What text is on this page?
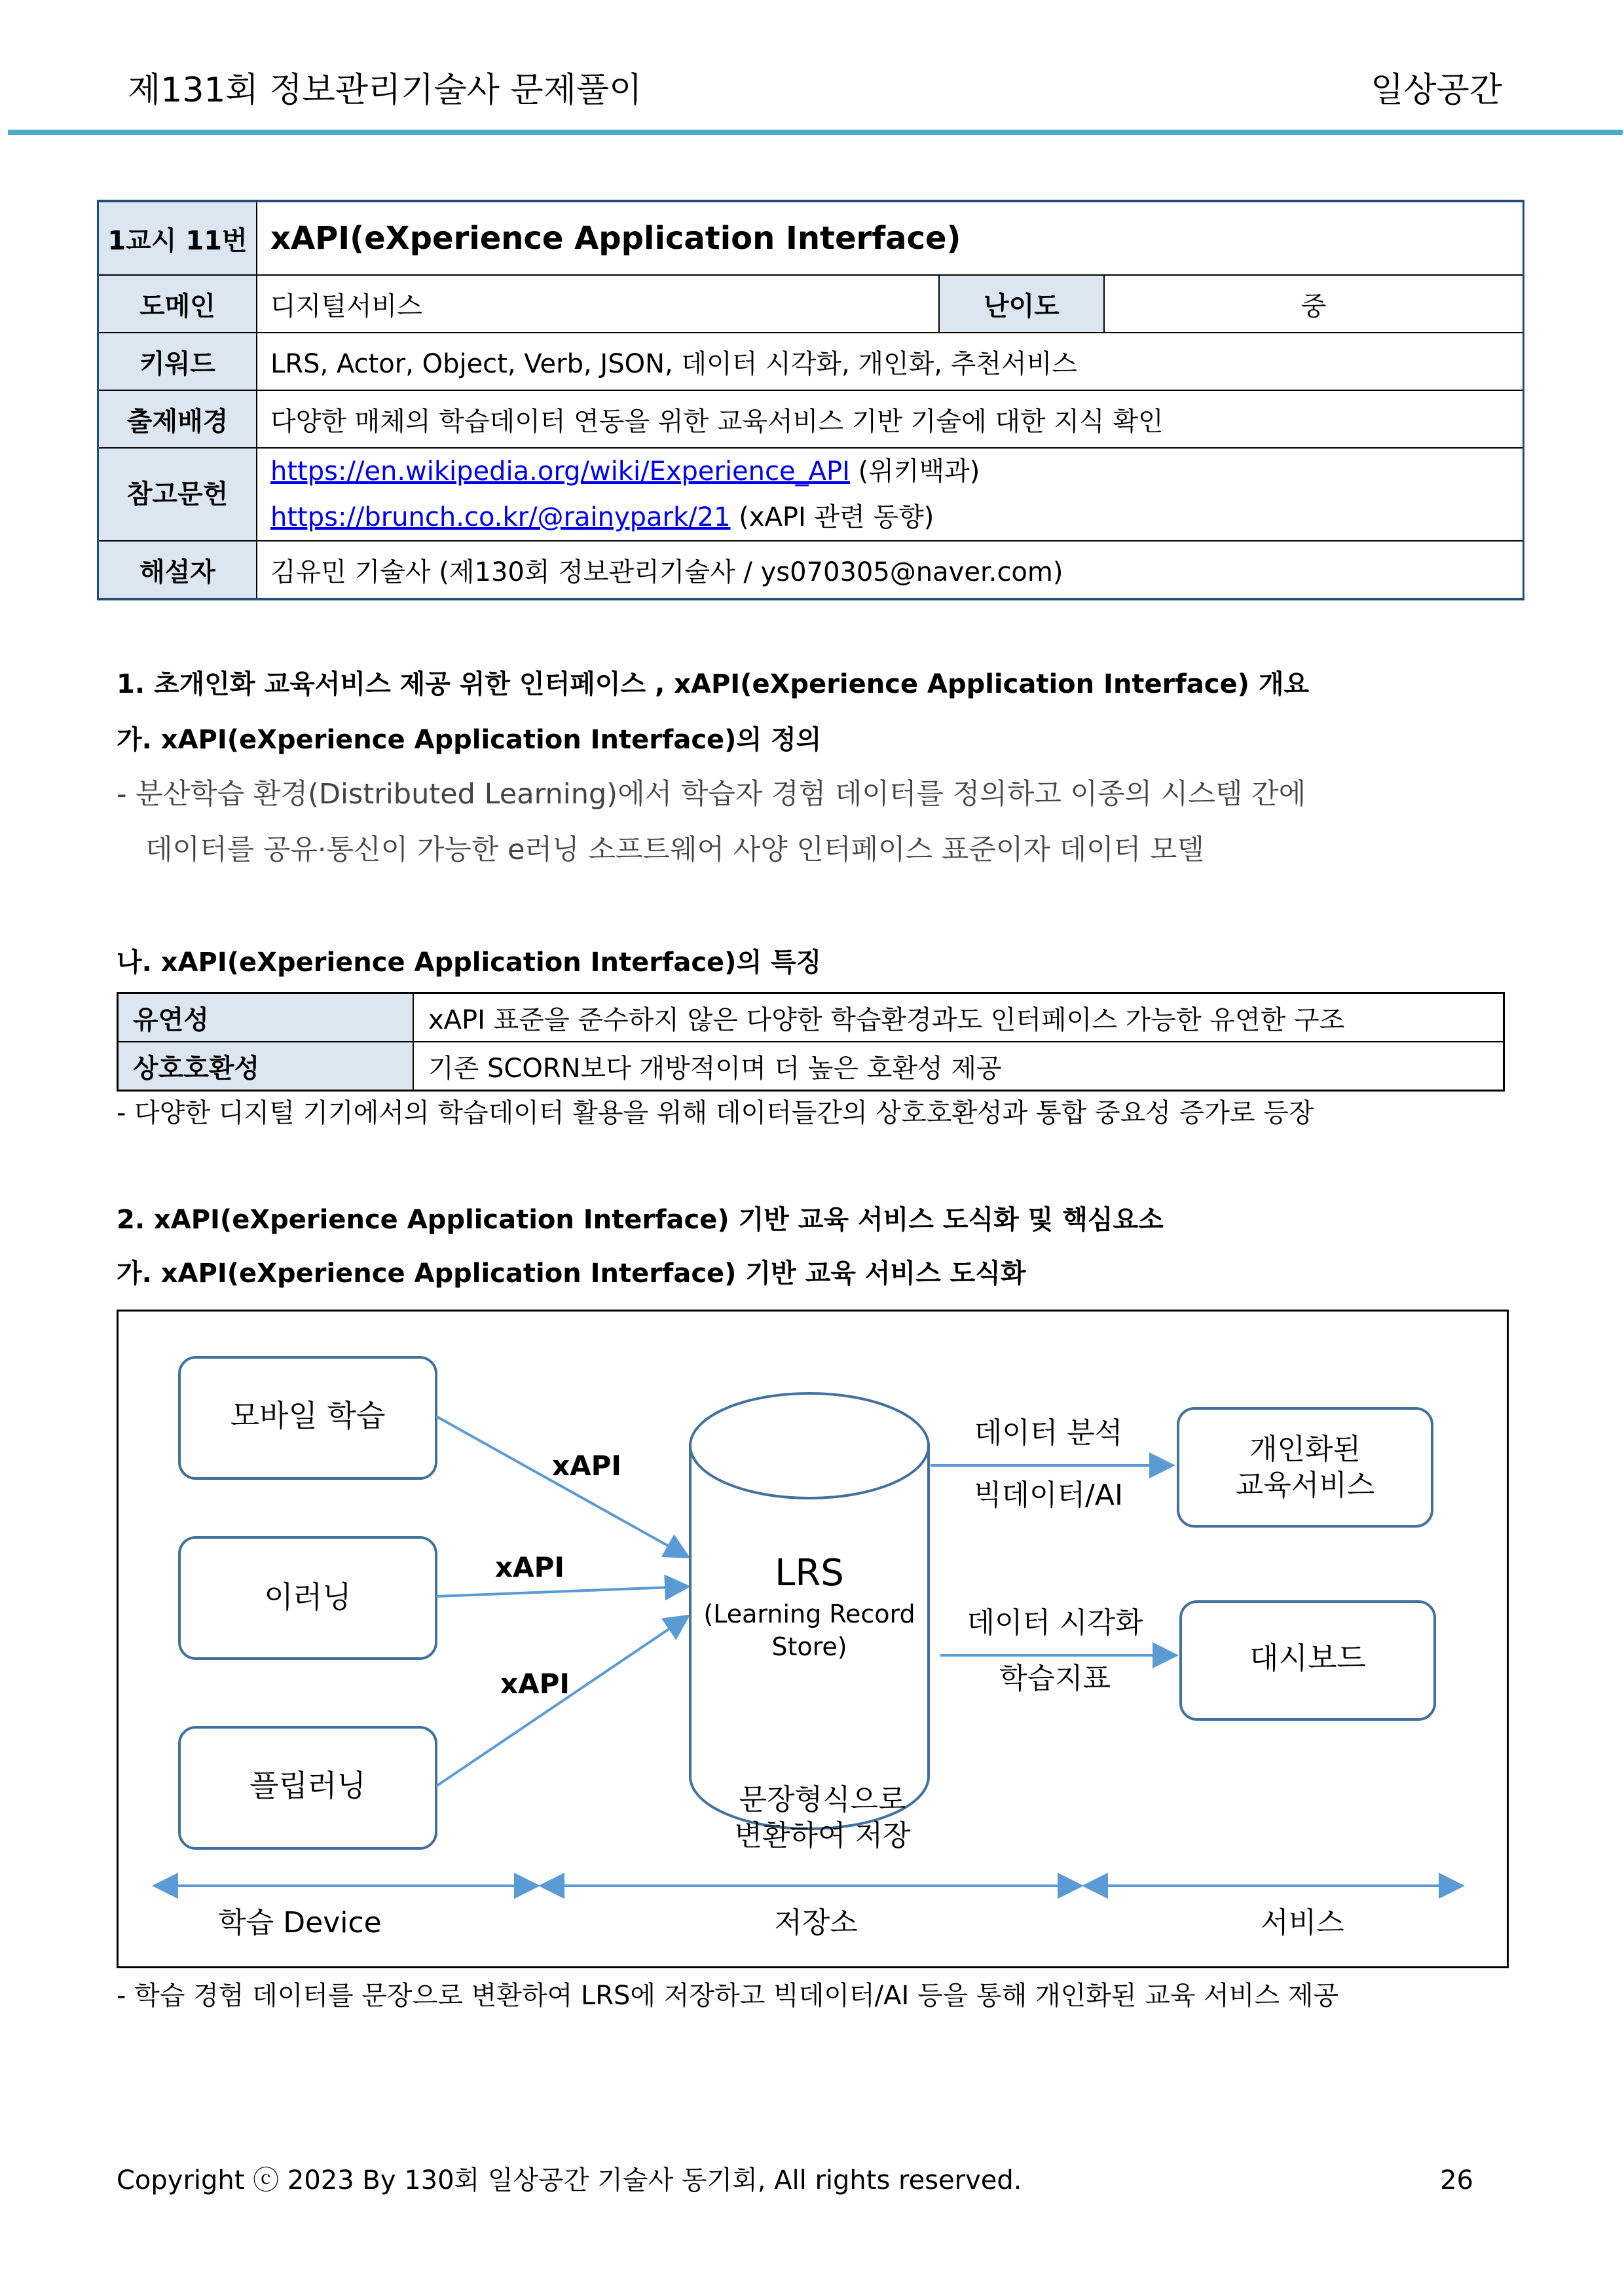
제131회 정보관리기술사 문제풀이	일상공간
1교시 11번	xAPI(eXperience Application Interface)		
도메인	디지털서비스	난이도	중
키워드	LRS, Actor, Object, Verb, JSON, 데이터 시각화, 개인화, 추천서비스		
출제배경	다양한 매체의 학습데이터 연동을 위한 교육서비스 기반 기술에 대한 지식 확인		
참고문헌	https://en.wikipedia.org/wiki/Experience_API (위키백과)
https://brunch.co.kr/@rainypark/21 (xAPI 관련 동향)		

해설자	김유민 기술사 (제130회 정보관리기술사 / ys070305@naver.com)		
1. 초개인화 교육서비스 제공 위한 인터페이스 , xAPI(eXperience Application Interface) 개요
가. xAPI(eXperience Application Interface)의 정의
- 분산학습 환경(Distributed Learning)에서 학습자 경험 데이터를 정의하고 이종의 시스템 간에
데이터를 공유·통신이 가능한 e러닝 소프트웨어 사양 인터페이스 표준이자 데이터 모델
나. xAPI(eXperience Application Interface)의 특징
유연성	xAPI 표준을 준수하지 않은 다양한 학습환경과도 인터페이스 가능한 유연한 구조
상호호환성	기존 SCORN보다 개방적이며 더 높은 호환성 제공
- 다양한 디지털 기기에서의 학습데이터 활용을 위해 데이터들간의 상호호환성과 통합 중요성 증가로 등장
2. xAPI(eXperience Application Interface) 기반 교육 서비스 도식화 및 핵심요소
가. xAPI(eXperience Application Interface) 기반 교육 서비스 도식화
모바일 학습
이러닝
플립러닝
xAPI
xAPI
xAPI
LRS
(Learning Record
Store)
문장형식으로
변환하여 저장
데이터 분석
빅데이터/AI
데이터 시각화
학습지표
개인화된
교육서비스
대시보드
학습 Device	저장소	서비스
- 학습 경험 데이터를 문장으로 변환하여 LRS에 저장하고 빅데이터/AI 등을 통해 개인화된 교육 서비스 제공
Copyright ⓒ 2023 By 130회 일상공간 기술사 동기회, All rights reserved.	26
